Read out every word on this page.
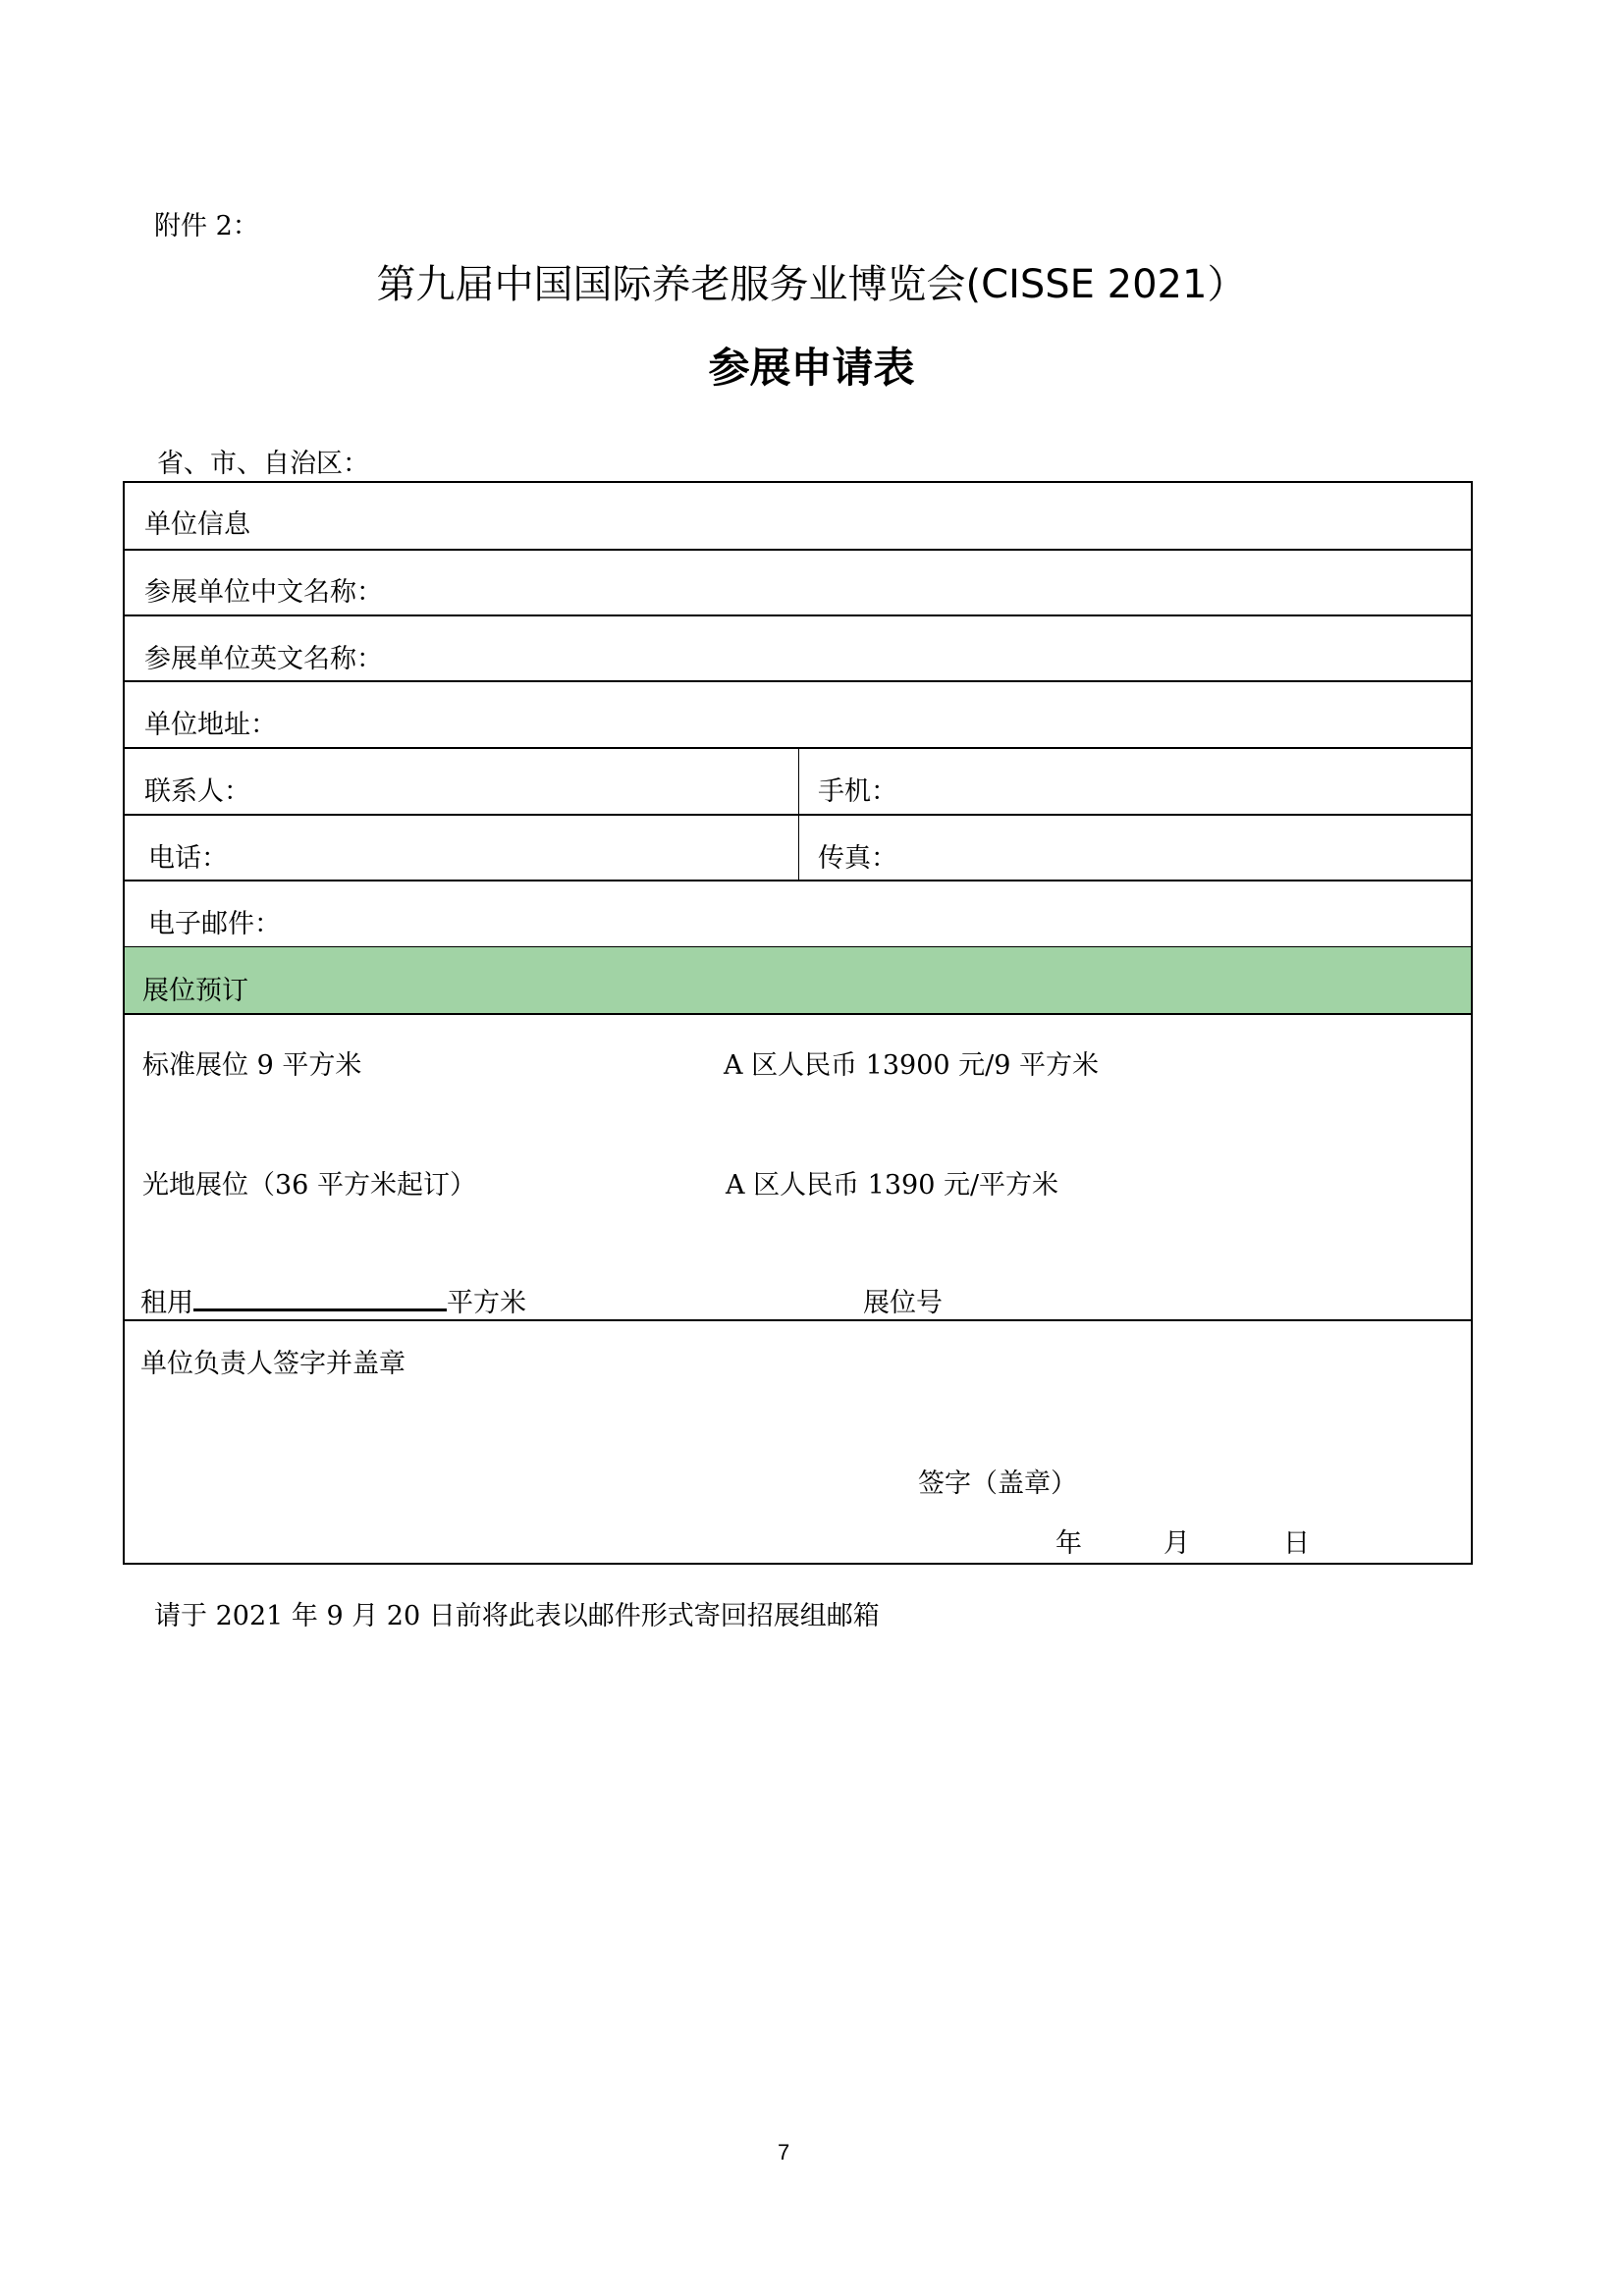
附件 2：
第九届中国国际养老服务业博览会(CISSE 2021）
参展申请表
省、市、自治区：
单位信息
参展单位中文名称：
参展单位英文名称：
单位地址：
联系人：	手机：
电话：	传真：
电子邮件：
展位预订
标准展位 9 平方米	A 区人民币 13900 元/9 平方米
光地展位（36 平方米起订）	A 区人民币 1390 元/平方米
租用	平方米	展位号
单位负责人签字并盖章
签字（盖章）
年	月	日
请于 2021 年 9 月 20 日前将此表以邮件形式寄回招展组邮箱
7
